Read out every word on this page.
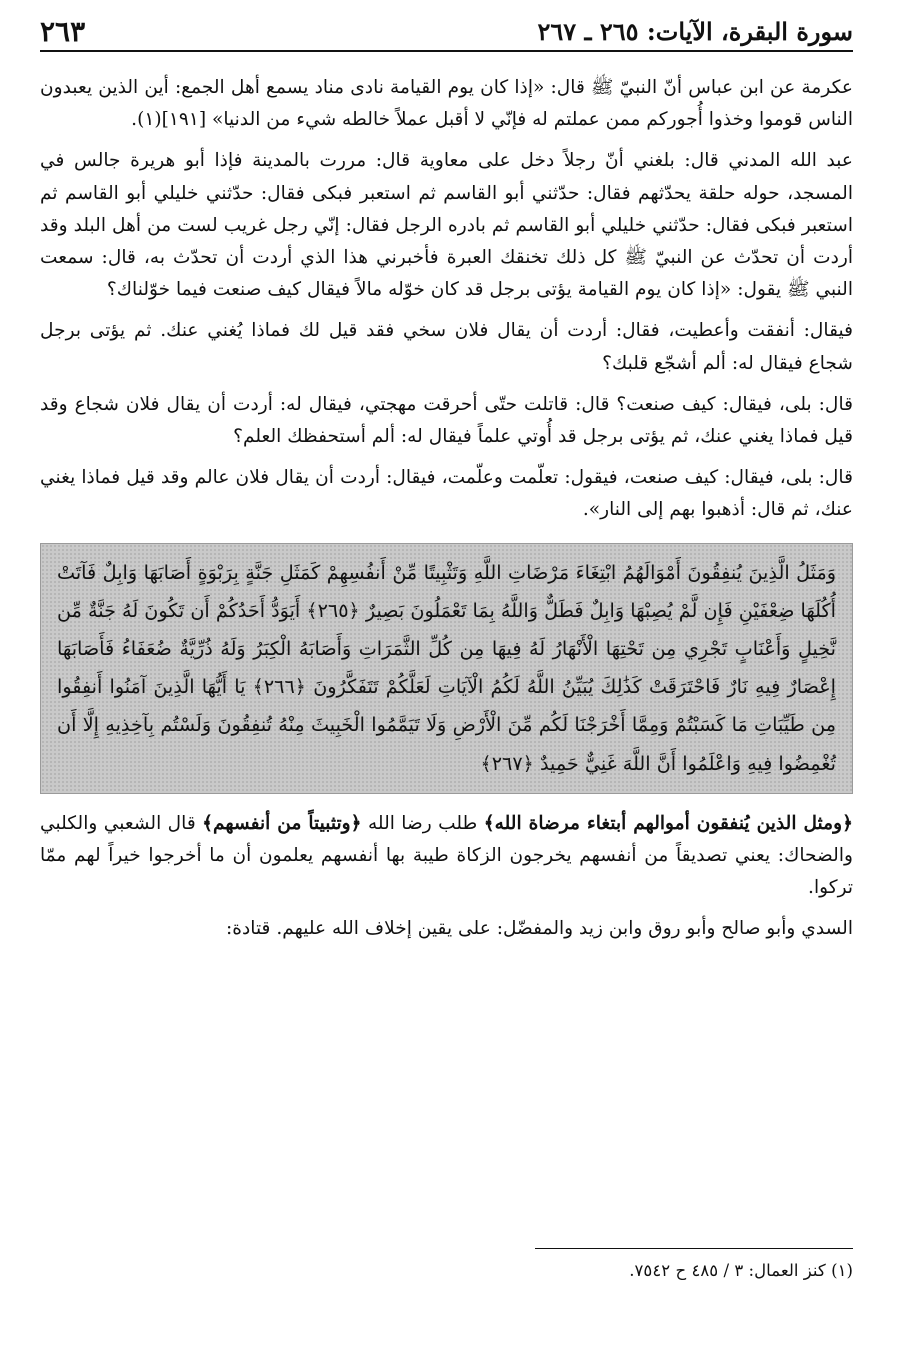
سورة البقرة، الآيات: ٢٦٥ ـ ٢٦٧
٢٦٣

عكرمة عن ابن عباس أنّ النبيّ ﷺ قال: «إذا كان يوم القيامة نادى مناد يسمع أهل الجمع: أين الذين يعبدون الناس قوموا وخذوا أُجوركم ممن عملتم له فإنّي لا أقبل عملاً خالطه شيء من الدنيا» [١٩١](١).

عبد الله المدني قال: بلغني أنّ رجلاً دخل على معاوية قال: مررت بالمدينة فإذا أبو هريرة جالس في المسجد، حوله حلقة يحدّثهم فقال: حدّثني أبو القاسم ثم استعبر فبكى فقال: حدّثني خليلي أبو القاسم ثم استعبر فبكى فقال: حدّثني خليلي أبو القاسم ثم بادره الرجل فقال: إنّي رجل غريب لست من أهل البلد وقد أردت أن تحدّث عن النبيّ ﷺ كل ذلك تخنقك العبرة فأخبرني هذا الذي أردت أن تحدّث به، قال: سمعت النبي ﷺ يقول: «إذا كان يوم القيامة يؤتى برجل قد كان خوّله مالاً فيقال كيف صنعت فيما خوّلناك؟

فيقال: أنفقت وأعطيت، فقال: أردت أن يقال فلان سخي فقد قيل لك فماذا يُغني عنك. ثم يؤتى برجل شجاع فيقال له: ألم أشجّع قلبك؟

قال: بلى، فيقال: كيف صنعت؟ قال: قاتلت حتّى أحرقت مهجتي، فيقال له: أردت أن يقال فلان شجاع وقد قيل فماذا يغني عنك، ثم يؤتى برجل قد أُوتي علماً فيقال له: ألم أستحفظك العلم؟

قال: بلى، فيقال: كيف صنعت، فيقول: تعلّمت وعلّمت، فيقال: أردت أن يقال فلان عالم وقد قيل فماذا يغني عنك، ثم قال: أذهبوا بهم إلى النار».

وَمَثَلُ الَّذِينَ يُنفِقُونَ أَمْوَالَهُمُ ابْتِغَاءَ مَرْضَاتِ اللَّهِ وَتَثْبِيتًا مِّنْ أَنفُسِهِمْ كَمَثَلِ جَنَّةٍ بِرَبْوَةٍ أَصَابَهَا وَابِلٌ فَآتَتْ أُكُلَهَا ضِعْفَيْنِ فَإِن لَّمْ يُصِبْهَا وَابِلٌ فَطَلٌّ وَاللَّهُ بِمَا تَعْمَلُونَ بَصِيرٌ ﴿٢٦٥﴾ أَيَوَدُّ أَحَدُكُمْ أَن تَكُونَ لَهُ جَنَّةٌ مِّن نَّخِيلٍ وَأَعْنَابٍ تَجْرِي مِن تَحْتِهَا الْأَنْهَارُ لَهُ فِيهَا مِن كُلِّ الثَّمَرَاتِ وَأَصَابَهُ الْكِبَرُ وَلَهُ ذُرِّيَّةٌ ضُعَفَاءُ فَأَصَابَهَا إِعْصَارٌ فِيهِ نَارٌ فَاحْتَرَقَتْ كَذَٰلِكَ يُبَيِّنُ اللَّهُ لَكُمُ الْآيَاتِ لَعَلَّكُمْ تَتَفَكَّرُونَ ﴿٢٦٦﴾ يَا أَيُّهَا الَّذِينَ آمَنُوا أَنفِقُوا مِن طَيِّبَاتِ مَا كَسَبْتُمْ وَمِمَّا أَخْرَجْنَا لَكُم مِّنَ الْأَرْضِ وَلَا تَيَمَّمُوا الْخَبِيثَ مِنْهُ تُنفِقُونَ وَلَسْتُم بِآخِذِيهِ إِلَّا أَن تُغْمِضُوا فِيهِ وَاعْلَمُوا أَنَّ اللَّهَ غَنِيٌّ حَمِيدٌ ﴿٢٦٧﴾

﴿ومثل الذين يُنفقون أموالهم أبتغاء مرضاة الله﴾ طلب رضا الله ﴿وتثبيتاً من أنفسهم﴾ قال الشعبي والكلبي والضحاك: يعني تصديقاً من أنفسهم يخرجون الزكاة طيبة بها أنفسهم يعلمون أن ما أخرجوا خيراً لهم ممّا تركوا.

السدي وأبو صالح وأبو روق وابن زيد والمفضّل: على يقين إخلاف الله عليهم. قتادة:

(١) كنز العمال: ٣ / ٤٨٥ ح ٧٥٤٢.
